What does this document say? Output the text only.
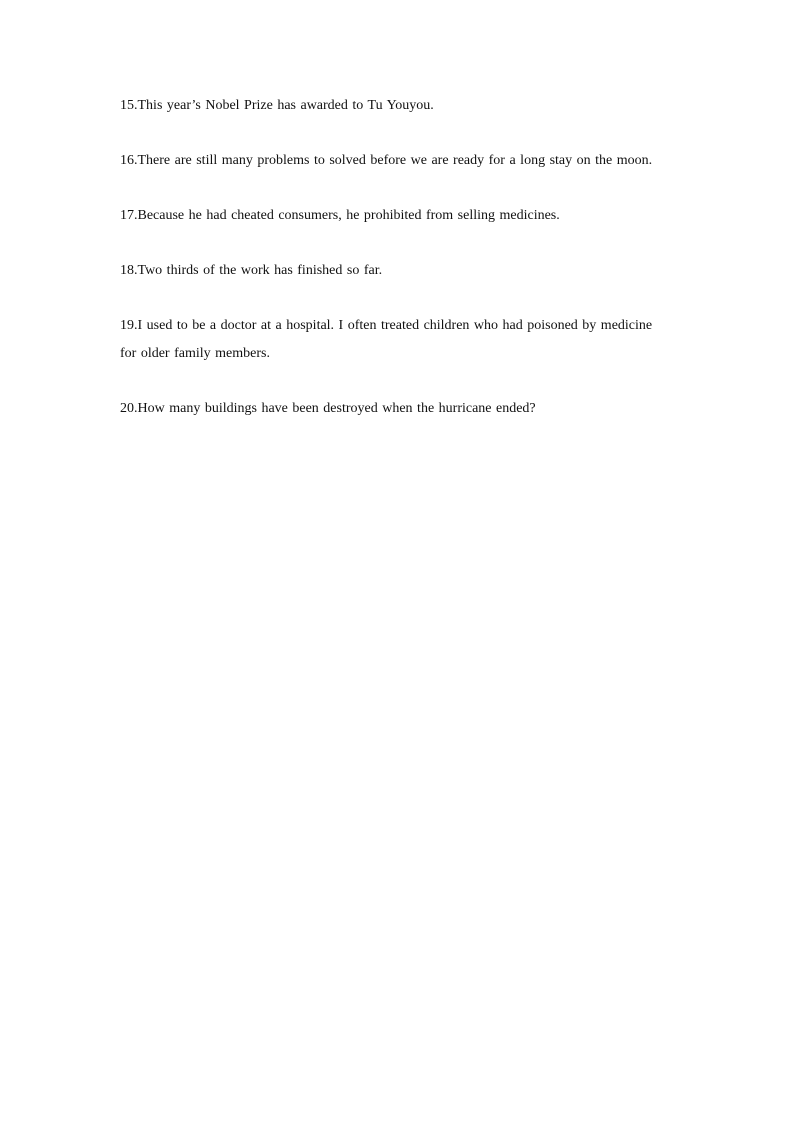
15.This year’s Nobel Prize has awarded to Tu Youyou.

16.There are still many problems to solved before we are ready for a long stay on the moon.

17.Because he had cheated consumers, he prohibited from selling medicines.

18.Two thirds of the work has finished so far.

19.I used to be a doctor at a hospital. I often treated children who had poisoned by medicine for older family members.

20.How many buildings have been destroyed when the hurricane ended?
